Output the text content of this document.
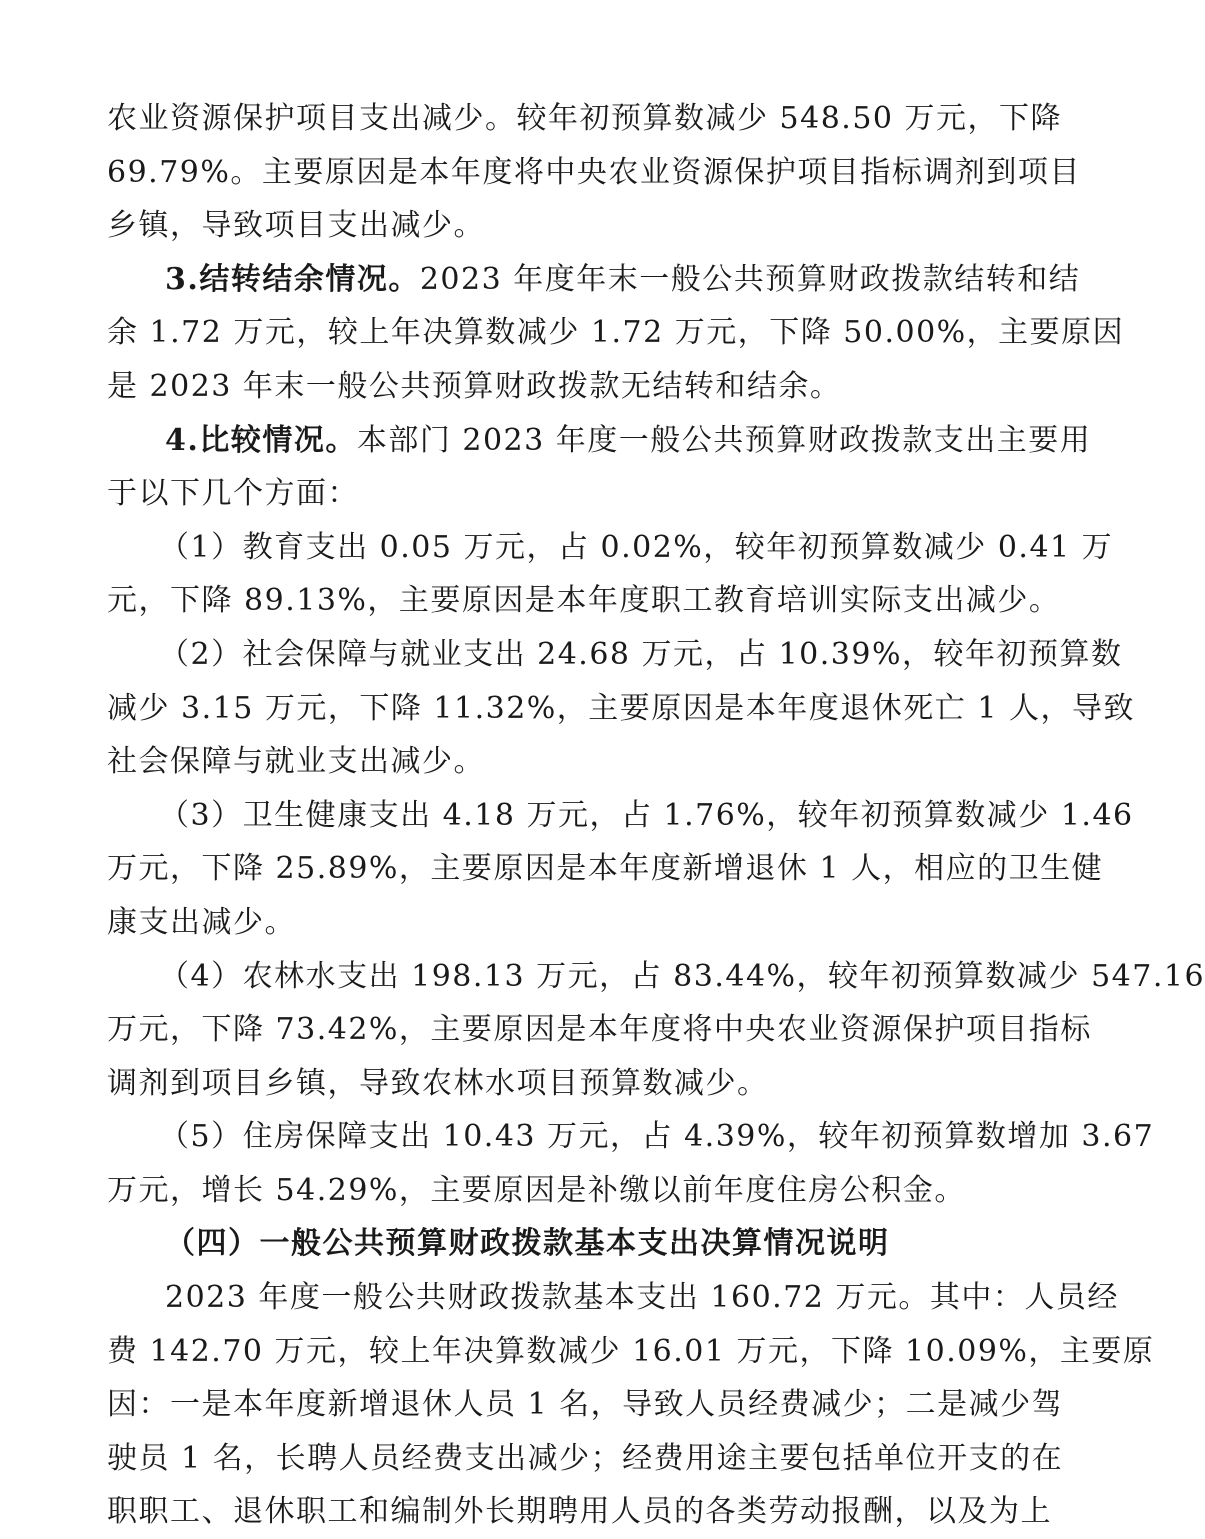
农业资源保护项目支出减少。较年初预算数减少 548.50 万元，下降
69.79%。主要原因是本年度将中央农业资源保护项目指标调剂到项目
乡镇，导致项目支出减少。
3.结转结余情况。2023 年度年末一般公共预算财政拨款结转和结
余 1.72 万元，较上年决算数减少 1.72 万元，下降 50.00%，主要原因
是 2023 年末一般公共预算财政拨款无结转和结余。
4.比较情况。本部门 2023 年度一般公共预算财政拨款支出主要用
于以下几个方面：
（1）教育支出 0.05 万元，占 0.02%，较年初预算数减少 0.41 万
元，下降 89.13%，主要原因是本年度职工教育培训实际支出减少。
（2）社会保障与就业支出 24.68 万元，占 10.39%，较年初预算数
减少 3.15 万元，下降 11.32%，主要原因是本年度退休死亡 1 人，导致
社会保障与就业支出减少。
（3）卫生健康支出 4.18 万元，占 1.76%，较年初预算数减少 1.46
万元，下降 25.89%，主要原因是本年度新增退休 1 人，相应的卫生健
康支出减少。
（4）农林水支出 198.13 万元，占 83.44%，较年初预算数减少 547.16
万元，下降 73.42%，主要原因是本年度将中央农业资源保护项目指标
调剂到项目乡镇，导致农林水项目预算数减少。
（5）住房保障支出 10.43 万元，占 4.39%，较年初预算数增加 3.67
万元，增长 54.29%，主要原因是补缴以前年度住房公积金。
（四）一般公共预算财政拨款基本支出决算情况说明
2023 年度一般公共财政拨款基本支出 160.72 万元。其中：人员经
费 142.70 万元，较上年决算数减少 16.01 万元，下降 10.09%，主要原
因：一是本年度新增退休人员 1 名，导致人员经费减少；二是减少驾
驶员 1 名，长聘人员经费支出减少；经费用途主要包括单位开支的在
职职工、退休职工和编制外长期聘用人员的各类劳动报酬，以及为上
